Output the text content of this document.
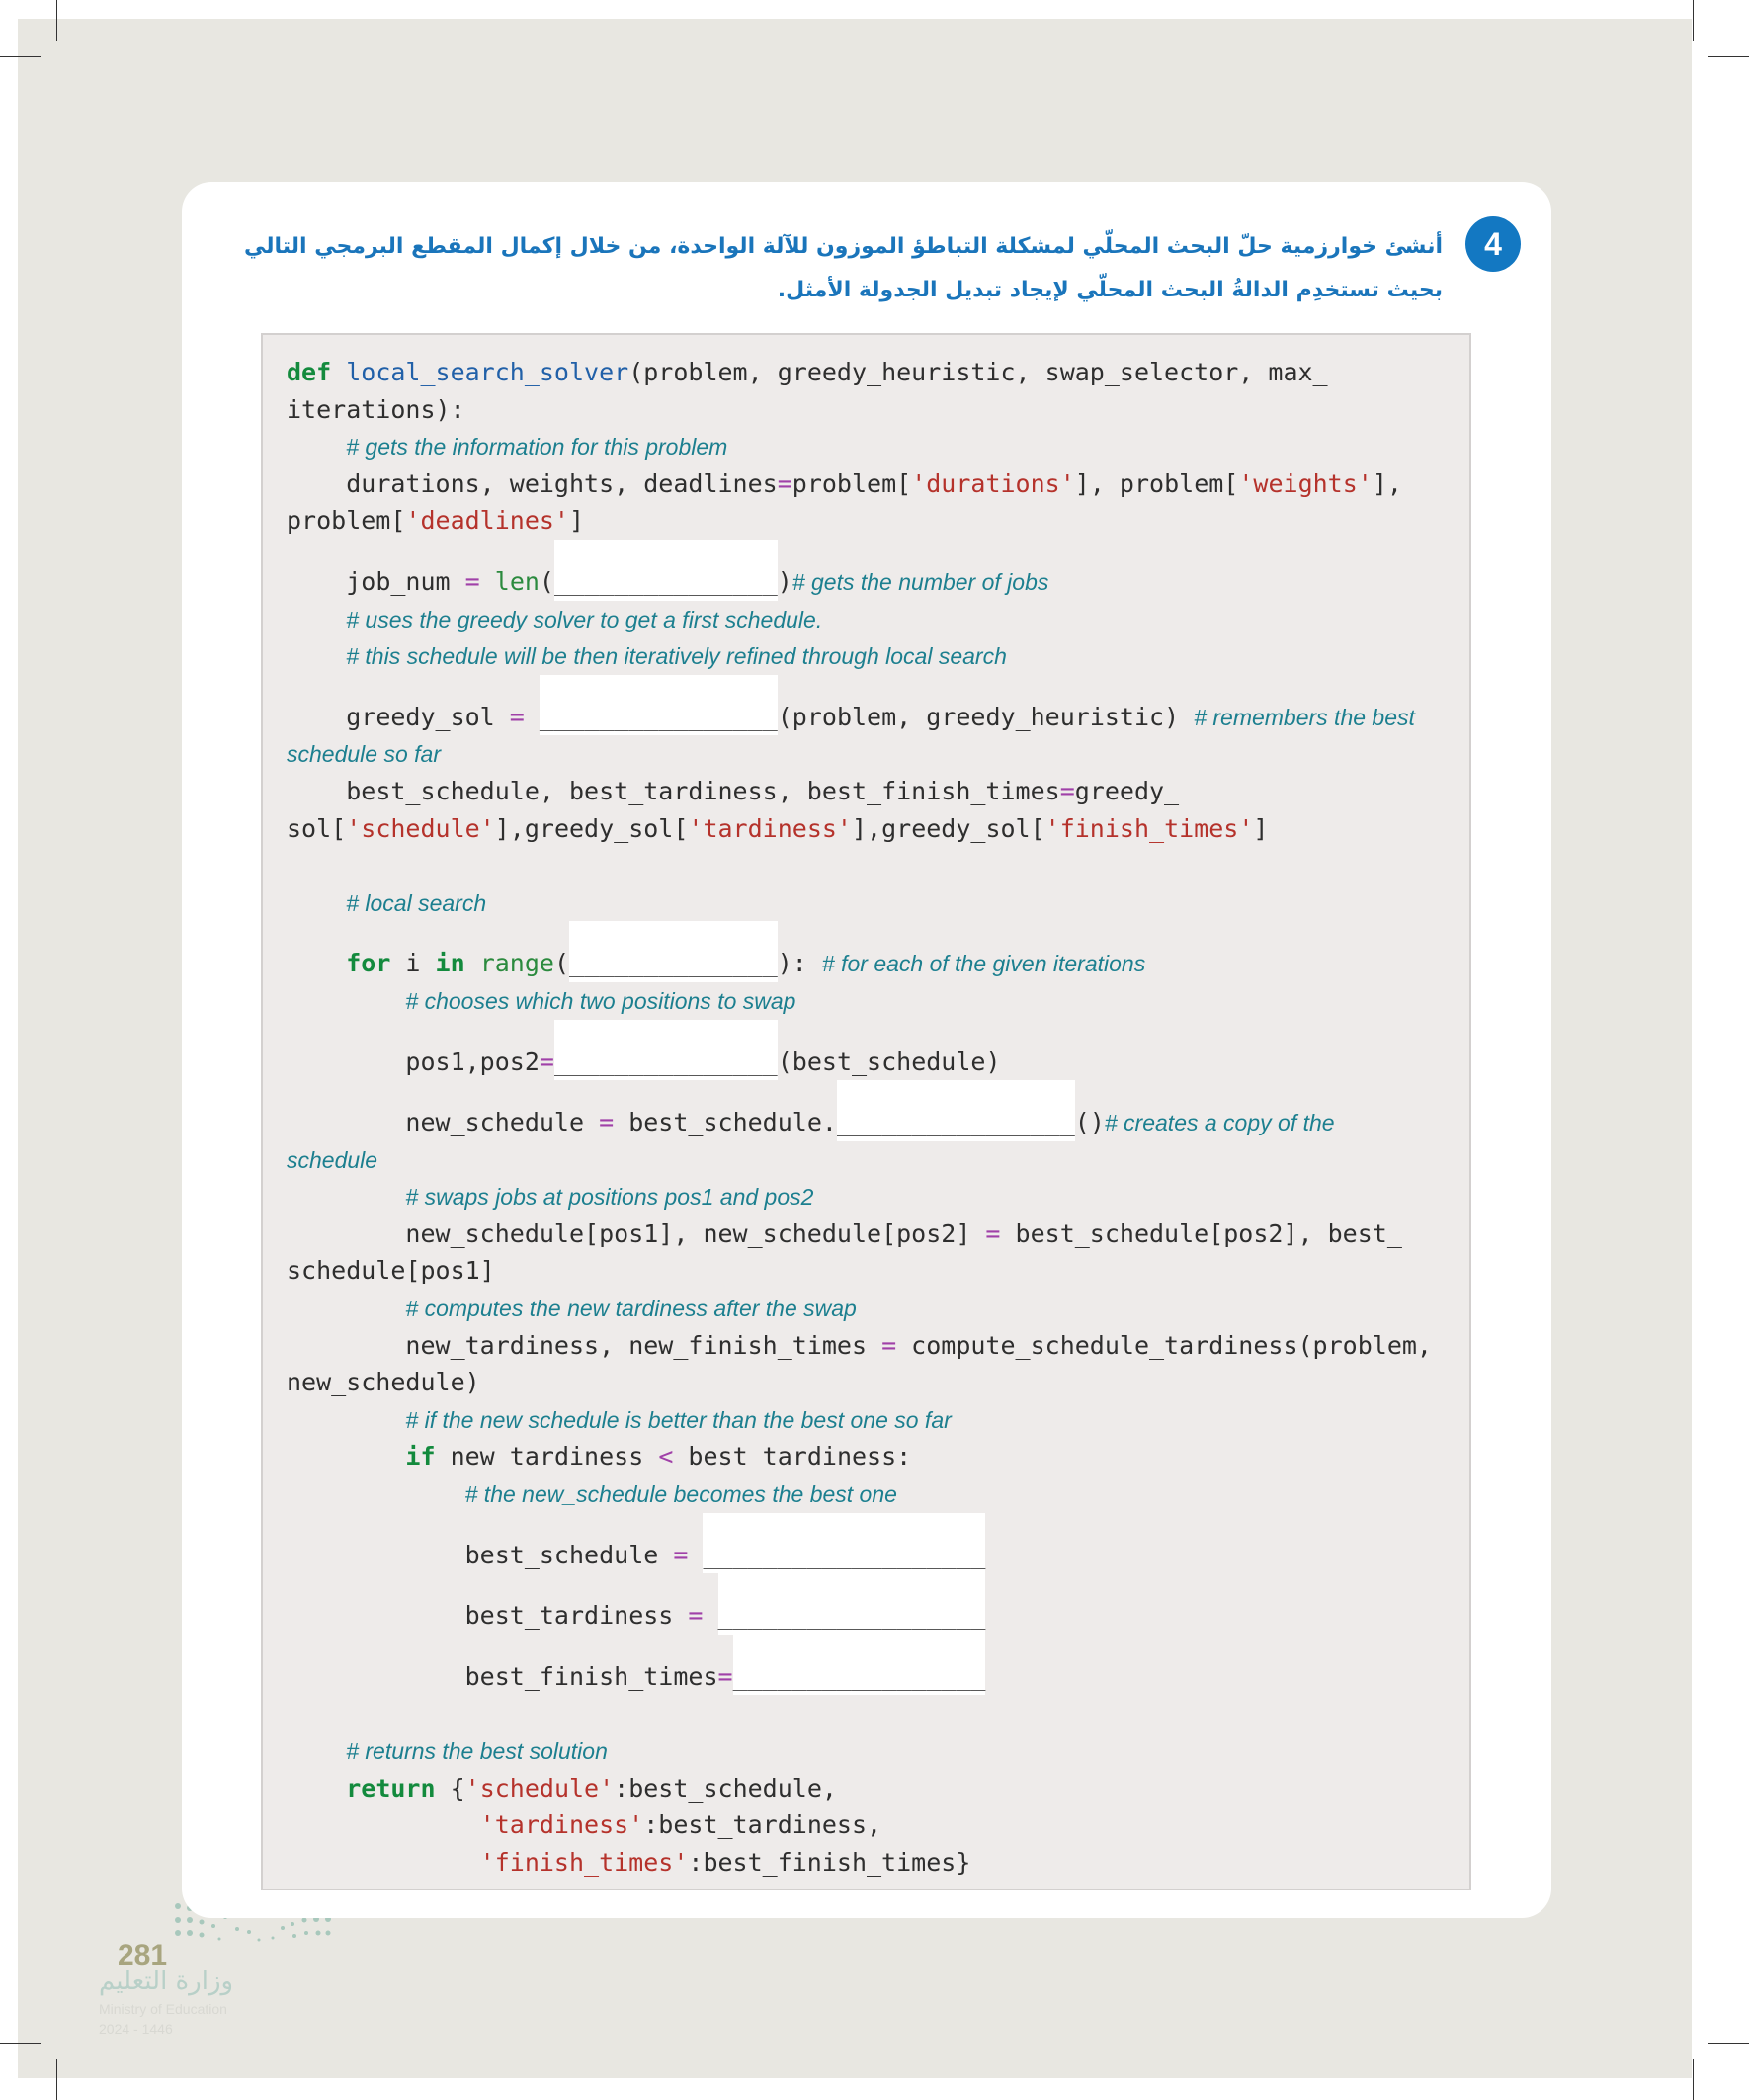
4
أنشئ خوارزمية حلّ البحث المحلّي لمشكلة التباطؤ الموزون للآلة الواحدة، من خلال إكمال المقطع البرمجي التالي
بحيث تستخدِم الدالةُ البحث المحلّي لإيجاد تبديل الجدولة الأمثل.
def local_search_solver(problem, greedy_heuristic, swap_selector, max_
iterations):
# gets the information for this problem
durations, weights, deadlines=problem['durations'], problem['weights'],
problem['deadlines']
job_num = len(_______________)# gets the number of jobs
# uses the greedy solver to get a first schedule.
# this schedule will be then iteratively refined through local search
greedy_sol = ________________(problem, greedy_heuristic) # remembers the best
schedule so far
best_schedule, best_tardiness, best_finish_times=greedy_
sol['schedule'],greedy_sol['tardiness'],greedy_sol['finish_times']
# local search
for i in range(______________): # for each of the given iterations
# chooses which two positions to swap
pos1,pos2=_______________(best_schedule)
new_schedule = best_schedule.________________()# creates a copy of the
schedule
# swaps jobs at positions pos1 and pos2
new_schedule[pos1], new_schedule[pos2] = best_schedule[pos2], best_
schedule[pos1]
# computes the new tardiness after the swap
new_tardiness, new_finish_times = compute_schedule_tardiness(problem,
new_schedule)
# if the new schedule is better than the best one so far
if new_tardiness < best_tardiness:
# the new_schedule becomes the best one
best_schedule = ___________________
best_tardiness = __________________
best_finish_times=_________________
# returns the best solution
return {'schedule':best_schedule,
'tardiness':best_tardiness,
'finish_times':best_finish_times}
281
وزارة التعليم
Ministry of Education
2024 - 1446
